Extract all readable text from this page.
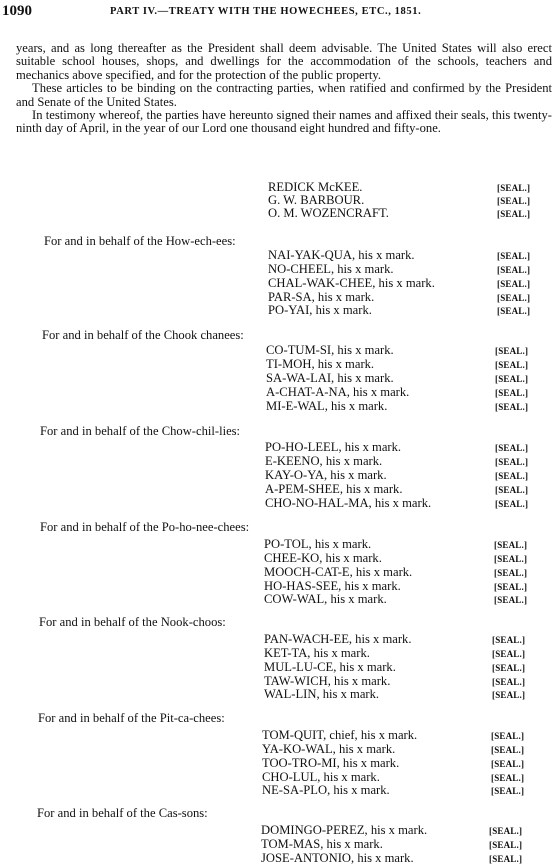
1090	PART IV.—TREATY WITH THE HOWECHEES, ETC., 1851.

years, and as long thereafter as the President shall deem advisable. The United States will also erect suitable school houses, shops, and dwellings for the accommodation of the schools, teachers and mechanics above specified, and for the protection of the public property.

These articles to be binding on the contracting parties, when ratified and confirmed by the President and Senate of the United States.

In testimony whereof, the parties have hereunto signed their names and affixed their seals, this twenty-ninth day of April, in the year of our Lord one thousand eight hundred and fifty-one.

REDICK McKEE.
G. W. BARBOUR.
O. M. WOZENCRAFT.
[SEAL.]
[SEAL.]
[SEAL.]
For and in behalf of the How-ech-ees:
NAI-YAK-QUA, his x mark.
NO-CHEEL, his x mark.
CHAL-WAK-CHEE, his x mark.
PAR-SA, his x mark.
PO-YAI, his x mark.
[SEAL.]
[SEAL.]
[SEAL.]
[SEAL.]
[SEAL.]
For and in behalf of the Chook chanees:
CO-TUM-SI, his x mark.
TI-MOH, his x mark.
SA-WA-LAI, his x mark.
A-CHAT-A-NA, his x mark.
MI-E-WAL, his x mark.
[SEAL.]
[SEAL.]
[SEAL.]
[SEAL.]
[SEAL.]
For and in behalf of the Chow-chil-lies:
PO-HO-LEEL, his x mark.
E-KEENO, his x mark.
KAY-O-YA, his x mark.
A-PEM-SHEE, his x mark.
CHO-NO-HAL-MA, his x mark.
[SEAL.]
[SEAL.]
[SEAL.]
[SEAL.]
[SEAL.]
For and in behalf of the Po-ho-nee-chees:
PO-TOL, his x mark.
CHEE-KO, his x mark.
MOOCH-CAT-E, his x mark.
HO-HAS-SEE, his x mark.
COW-WAL, his x mark.
[SEAL.]
[SEAL.]
[SEAL.]
[SEAL.]
[SEAL.]
For and in behalf of the Nook-choos:
PAN-WACH-EE, his x mark.
KET-TA, his x mark.
MUL-LU-CE, his x mark.
TAW-WICH, his x mark.
WAL-LIN, his x mark.
[SEAL.]
[SEAL.]
[SEAL.]
[SEAL.]
[SEAL.]
For and in behalf of the Pit-ca-chees:
TOM-QUIT, chief, his x mark.
YA-KO-WAL, his x mark.
TOO-TRO-MI, his x mark.
CHO-LUL, his x mark.
NE-SA-PLO, his x mark.
[SEAL.]
[SEAL.]
[SEAL.]
[SEAL.]
[SEAL.]
For and in behalf of the Cas-sons:
DOMINGO-PEREZ, his x mark.
TOM-MAS, his x mark.
JOSE-ANTONIO, his x mark.
[SEAL.]
[SEAL.]
[SEAL.]
